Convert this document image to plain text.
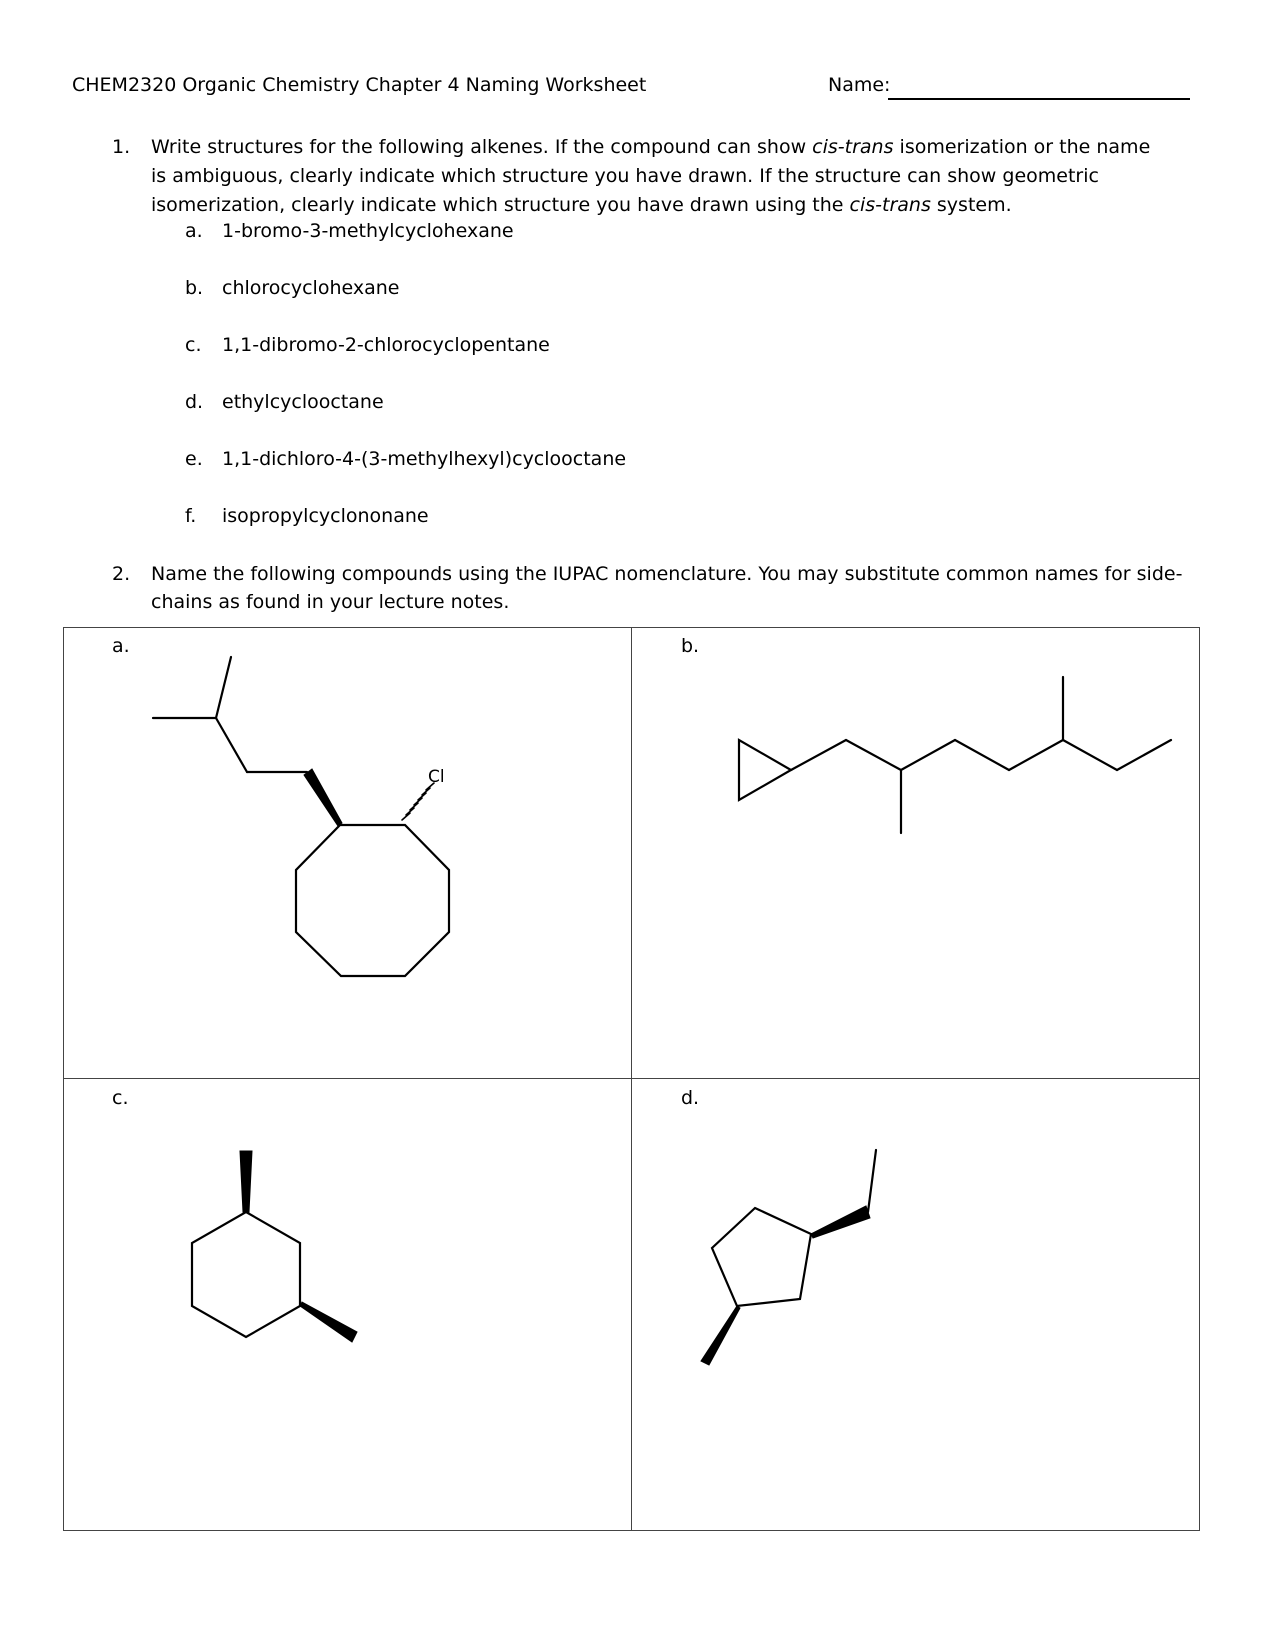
CHEM2320 Organic Chemistry Chapter 4 Naming Worksheet	Name:
1. Write structures for the following alkenes. If the compound can show cis-trans isomerization or the name
is ambiguous, clearly indicate which structure you have drawn. If the structure can show geometric
isomerization, clearly indicate which structure you have drawn using the cis-trans system.
a. 1-bromo-3-methylcyclohexane
b. chlorocyclohexane
c. 1,1-dibromo-2-chlorocyclopentane
d. ethylcyclooctane
e. 1,1-dichloro-4-(3-methylhexyl)cyclooctane
f. isopropylcyclononane
2. Name the following compounds using the IUPAC nomenclature. You may substitute common names for side-
chains as found in your lecture notes.
a.	b.
c.	d.
Cl
